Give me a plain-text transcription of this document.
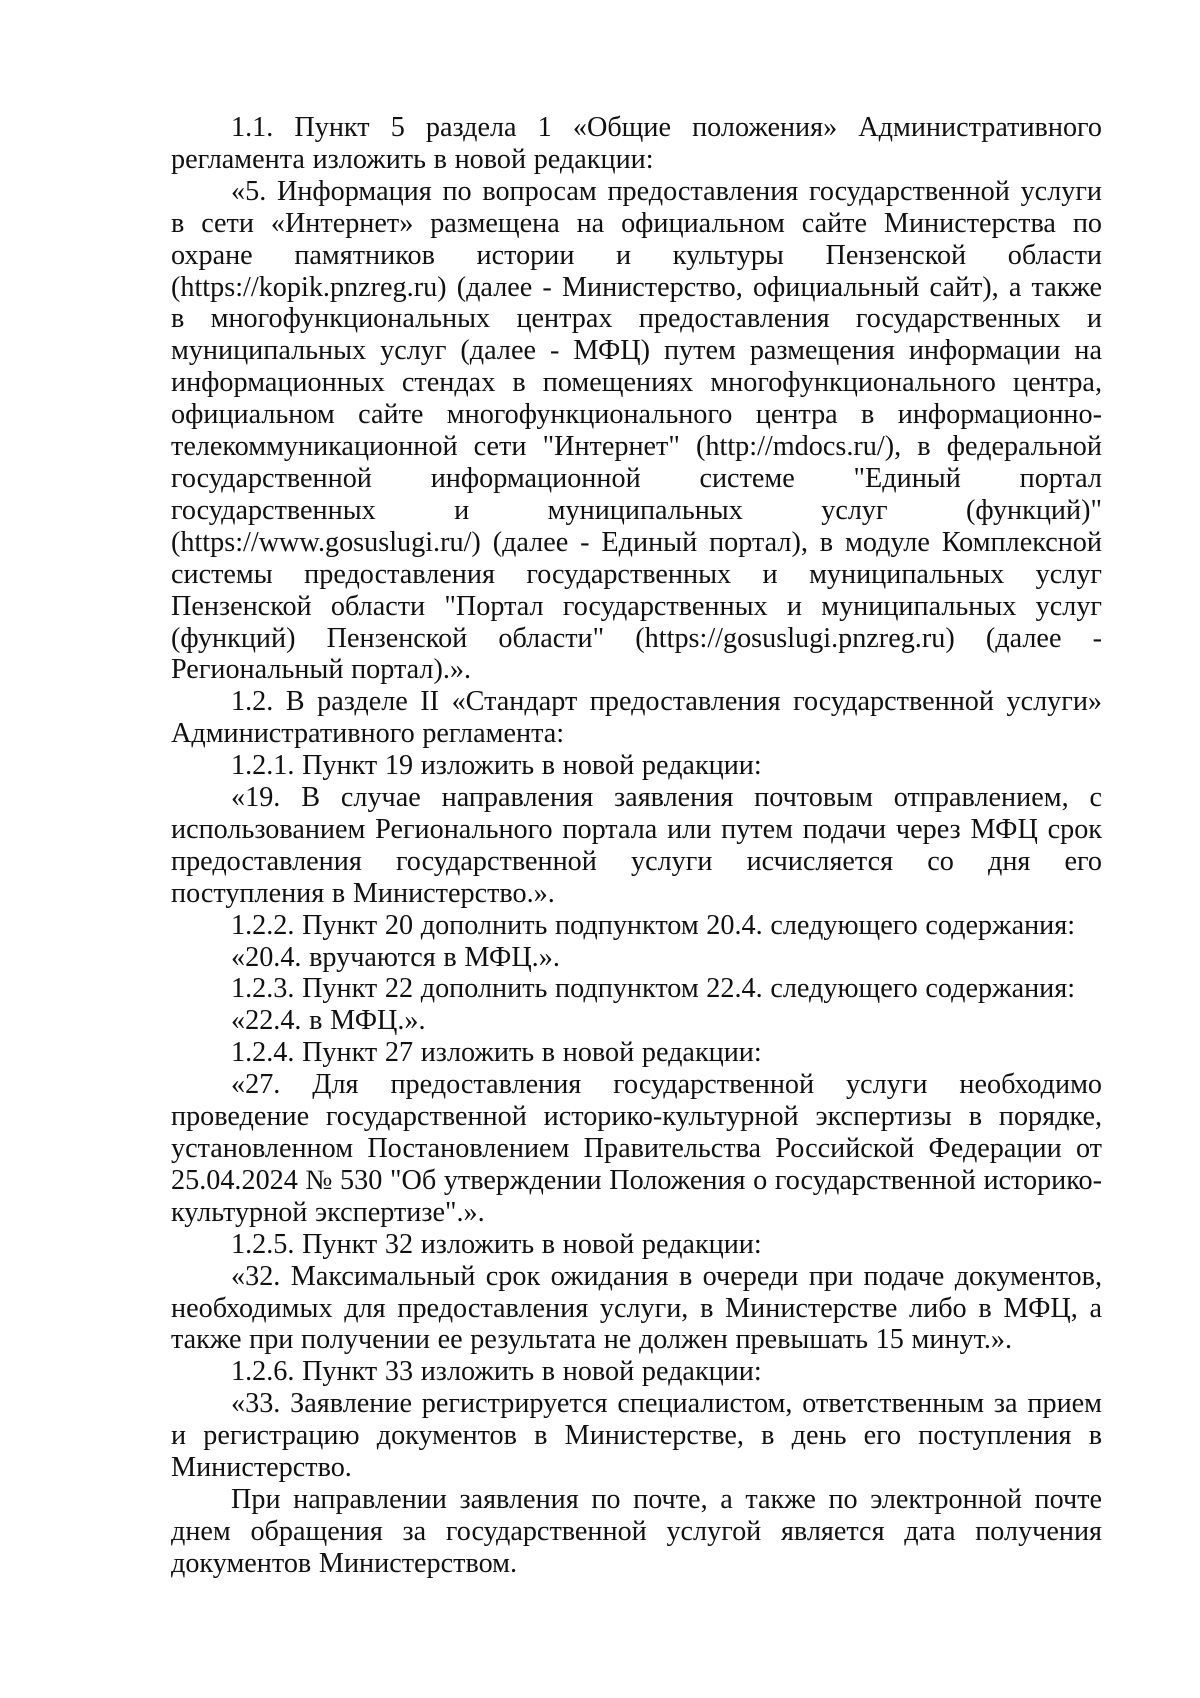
1.1. Пункт 5 раздела 1 «Общие положения» Административного регламента изложить в новой редакции:

«5. Информация по вопросам предоставления государственной услуги в сети «Интернет» размещена на официальном сайте Министерства по охране памятников истории и культуры Пензенской области (https://kopik.pnzreg.ru) (далее - Министерство, официальный сайт), а также в многофункциональных центрах предоставления государственных и муниципальных услуг (далее - МФЦ) путем размещения информации на информационных стендах в помещениях многофункционального центра, официальном сайте многофункционального центра в информационно-телекоммуникационной сети "Интернет" (http://mdocs.ru/), в федеральной государственной информационной системе "Единый портал государственных и муниципальных услуг (функций)" (https://www.gosuslugi.ru/) (далее - Единый портал), в модуле Комплексной системы предоставления государственных и муниципальных услуг Пензенской области "Портал государственных и муниципальных услуг (функций) Пензенской области" (https://gosuslugi.pnzreg.ru) (далее - Региональный портал).».

1.2. В разделе II «Стандарт предоставления государственной услуги» Административного регламента:

1.2.1. Пункт 19 изложить в новой редакции:

«19. В случае направления заявления почтовым отправлением, с использованием Регионального портала или путем подачи через МФЦ срок предоставления государственной услуги исчисляется со дня его поступления в Министерство.».

1.2.2. Пункт 20 дополнить подпунктом 20.4. следующего содержания:

«20.4. вручаются в МФЦ.».

1.2.3. Пункт 22 дополнить подпунктом 22.4. следующего содержания:

«22.4. в МФЦ.».

1.2.4. Пункт 27 изложить в новой редакции:

«27. Для предоставления государственной услуги необходимо проведение государственной историко-культурной экспертизы в порядке, установленном Постановлением Правительства Российской Федерации от 25.04.2024 № 530 "Об утверждении Положения о государственной историко-культурной экспертизе".».

1.2.5. Пункт 32 изложить в новой редакции:

«32. Максимальный срок ожидания в очереди при подаче документов, необходимых для предоставления услуги, в Министерстве либо в МФЦ, а также при получении ее результата не должен превышать 15 минут.».

1.2.6. Пункт 33 изложить в новой редакции:

«33. Заявление регистрируется специалистом, ответственным за прием и регистрацию документов в Министерстве, в день его поступления в Министерство.

При направлении заявления по почте, а также по электронной почте днем обращения за государственной услугой является дата получения документов Министерством.
